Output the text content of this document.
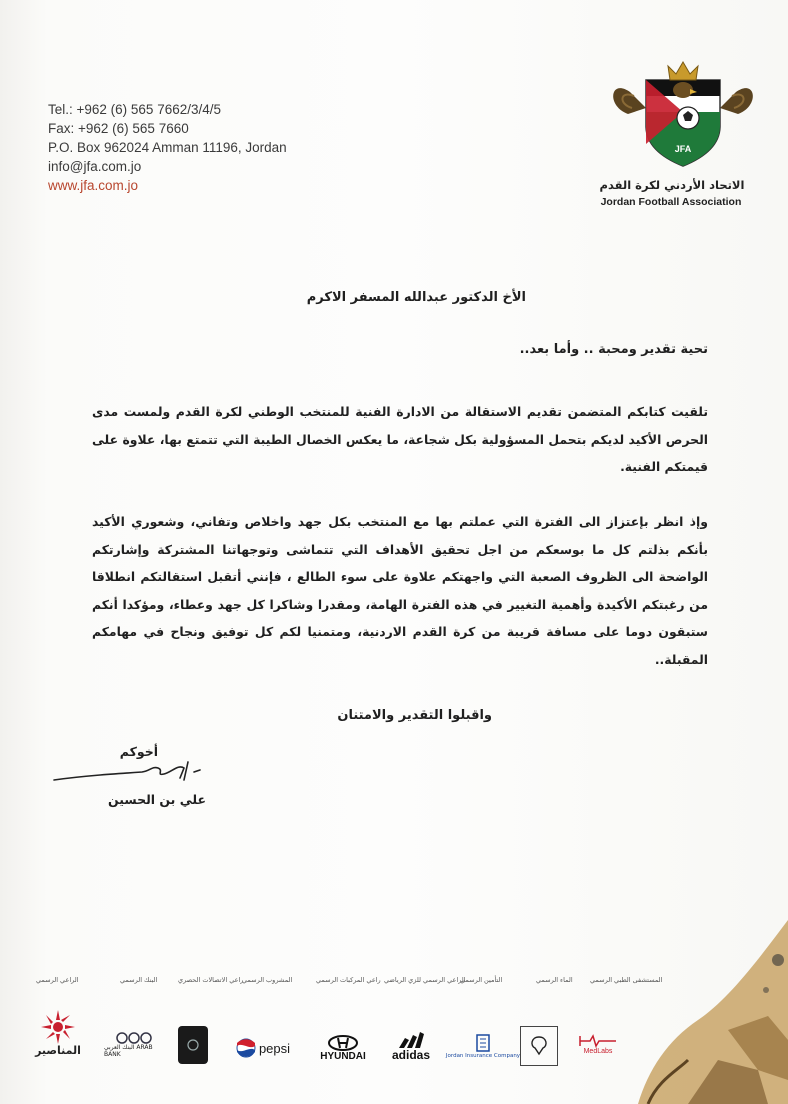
Tel.: +962 (6) 565 7662/3/4/5
Fax: +962 (6) 565 7660
P.O. Box 962024 Amman 11196, Jordan
info@jfa.com.jo
www.jfa.com.jo
JFA
الاتحاد الأردني لكرة القدم
Jordan Football Association
الأخ الدكتور عبدالله المسفر الاكرم
تحية تقدير ومحبة .. وأما بعد..
تلقيت كتابكم المتضمن تقديم الاستقالة من الادارة الفنية للمنتخب الوطني لكرة القدم ولمست مدى الحرص الأكيد لديكم بتحمل المسؤولية بكل شجاعة، ما يعكس الخصال الطيبة التي تتمتع بها، علاوة على قيمتكم الفنية.
وإذ انظر بإعتزاز الى الفترة التي عملتم بها مع المنتخب بكل جهد واخلاص وتفاني، وشعوري الأكيد بأنكم بذلتم كل ما بوسعكم من اجل تحقيق الأهداف التي تتماشى وتوجهاتنا المشتركة وإشارتكم الواضحة الى الظروف الصعبة التي واجهتكم علاوة على سوء الطالع ، فإنني أتقبل استقالتكم انطلاقا من رغبتكم الأكيدة وأهمية التغيير في هذه الفترة الهامة، ومقدرا وشاكرا كل جهد وعطاء، ومؤكدا أنكم ستبقون دوما على مسافة قريبة من كرة القدم الاردنية، ومتمنيا لكم كل توفيق ونجاح في مهامكم المقبلة..
واقبلوا التقدير والامتنان
أخوكم
علي بن الحسين
الراعي الرسمي
المناصير
البنك الرسمي
البنك العربي ARAB BANK
راعي الاتصالات الحصري
المشروب الرسمي
pepsi
راعي المركبات الرسمي
HYUNDAI
الراعي الرسمي للزي الرياضي
adidas
التأمين الرسمي
Jordan Insurance Company
الماء الرسمي	المستشفى الطبي الرسمي
MedLabs
